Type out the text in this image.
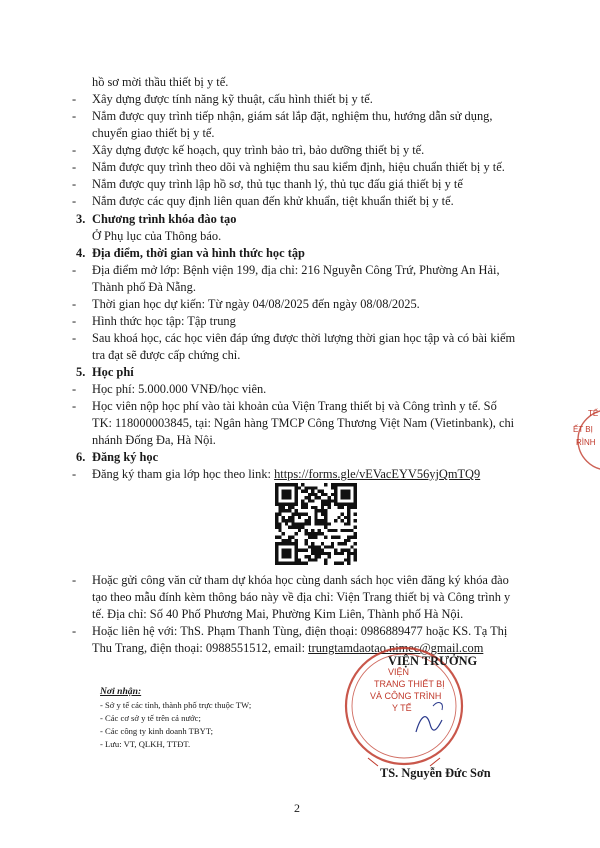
hồ sơ mời thầu thiết bị y tế.
- Xây dựng được tính năng kỹ thuật, cấu hình thiết bị y tế.
- Nắm được quy trình tiếp nhận, giám sát lắp đặt, nghiệm thu, hướng dẫn sử dụng,
chuyển giao thiết bị y tế.
- Xây dựng được kế hoạch, quy trình bảo trì, bảo dưỡng thiết bị y tế.
- Nắm được quy trình theo dõi và nghiệm thu sau kiểm định, hiệu chuẩn thiết bị y tế.
- Nắm được quy trình lập hồ sơ, thủ tục thanh lý, thủ tục đấu giá thiết bị y tế
- Nắm được các quy định liên quan đến khử khuẩn, tiệt khuẩn thiết bị y tế.
3. Chương trình khóa đào tạo
Ở Phụ lục của Thông báo.
4. Địa điểm, thời gian và hình thức học tập
- Địa điểm mở lớp: Bệnh viện 199, địa chỉ: 216 Nguyễn Công Trứ, Phường An Hải,
Thành phố Đà Nẵng.
- Thời gian học dự kiến: Từ ngày 04/08/2025 đến ngày 08/08/2025.
- Hình thức học tập: Tập trung
- Sau khoá học, các học viên đáp ứng được thời lượng thời gian học tập và có bài kiểm
tra đạt sẽ được cấp chứng chỉ.
5. Học phí
- Học phí: 5.000.000 VNĐ/học viên.
- Học viên nộp học phí vào tài khoản của Viện Trang thiết bị và Công trình y tế. Số
TK: 118000003845, tại: Ngân hàng TMCP Công Thương Việt Nam (Vietinbank), chi
nhánh Đống Đa, Hà Nội.
6. Đăng ký học
- Đăng ký tham gia lớp học theo link: https://forms.gle/vEVacEYV56yjQmTQ9
- Hoặc gửi công văn cử tham dự khóa học cùng danh sách học viên đăng ký khóa đào
tạo theo mẫu đính kèm thông báo này về địa chỉ: Viện Trang thiết bị và Công trình y
tế. Địa chỉ: Số 40 Phố Phương Mai, Phường Kim Liên, Thành phố Hà Nội.
- Hoặc liên hệ với: ThS. Phạm Thanh Tùng, điện thoại: 0986889477 hoặc KS. Tạ Thị
Thu Trang, điện thoại: 0988551512, email: trungtamdaotao.nimec@gmail.com
Nơi nhận:
- Sở y tế các tỉnh, thành phố trực thuộc TW;
- Các cơ sở y tế trên cả nước;
- Các công ty kinh doanh TBYT;
- Lưu: VT, QLKH, TTĐT.
VIỆN
TRANG THIẾT BỊ
VÀ CÔNG TRÌNH
Y TẾ
VIỆN TRƯỞNG
TS. Nguyễn Đức Sơn
TẾ
ẾT BỊ
RÌNH
2
